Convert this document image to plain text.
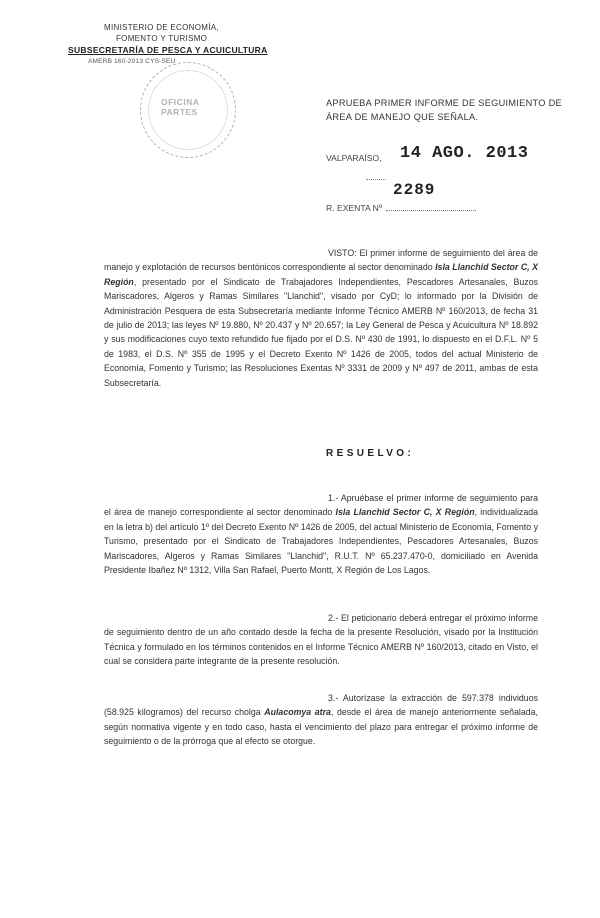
MINISTERIO DE ECONOMÍA,
FOMENTO Y TURISMO
SUBSECRETARÍA DE PESCA Y ACUICULTURA
AMERB 160-2013 CYS-SEU
OFICINA
PARTES
APRUEBA PRIMER INFORME DE SEGUIMIENTO DE
ÁREA DE MANEJO QUE SEÑALA.
VALPARAÍSO, 14 AGO. 2013
2289
R. EXENTA Nº
VISTO: El primer informe de seguimiento del área de manejo y explotación de recursos bentónicos correspondiente al sector denominado Isla Llanchid Sector C, X Región, presentado por el Sindicato de Trabajadores Independientes, Pescadores Artesanales, Buzos Mariscadores, Algeros y Ramas Similares "Llanchid", visado por CyD; lo informado por la División de Administración Pesquera de esta Subsecretaría mediante Informe Técnico AMERB Nº 160/2013, de fecha 31 de julio de 2013; las leyes Nº 19.880, Nº 20.437 y Nº 20.657; la Ley General de Pesca y Acuicultura Nº 18.892 y sus modificaciones cuyo texto refundido fue fijado por el D.S. Nº 430 de 1991, lo dispuesto en el D.F.L. Nº 5 de 1983, el D.S. Nº 355 de 1995 y el Decreto Exento Nº 1426 de 2005, todos del actual Ministerio de Economía, Fomento y Turismo; las Resoluciones Exentas Nº 3331 de 2009 y Nº 497 de 2011, ambas de esta Subsecretaría.
RESUELVO:
1.- Apruébase el primer informe de seguimiento para el área de manejo correspondiente al sector denominado Isla Llanchid Sector C, X Región, individualizada en la letra b) del artículo 1º del Decreto Exento Nº 1426 de 2005, del actual Ministerio de Economía, Fomento y Turismo, presentado por el Sindicato de Trabajadores Independientes, Pescadores Artesanales, Buzos Mariscadores, Algeros y Ramas Similares "Llanchid", R.U.T. Nº 65.237.470-0, domiciliado en Avenida Presidente Ibañez Nº 1312, Villa San Rafael, Puerto Montt, X Región de Los Lagos.
2.- El peticionario deberá entregar el próximo informe de seguimiento dentro de un año contado desde la fecha de la presente Resolución, visado por la Institución Técnica y formulado en los términos contenidos en el Informe Técnico AMERB Nº 160/2013, citado en Visto, el cual se considera parte integrante de la presente resolución.
3.- Autorízase la extracción de 597.378 individuos (58.925 kilogramos) del recurso cholga Aulacomya atra, desde el área de manejo anteriormente señalada, según normativa vigente y en todo caso, hasta el vencimiento del plazo para entregar el próximo informe de seguimiento o de la prórroga que al efecto se otorgue.
